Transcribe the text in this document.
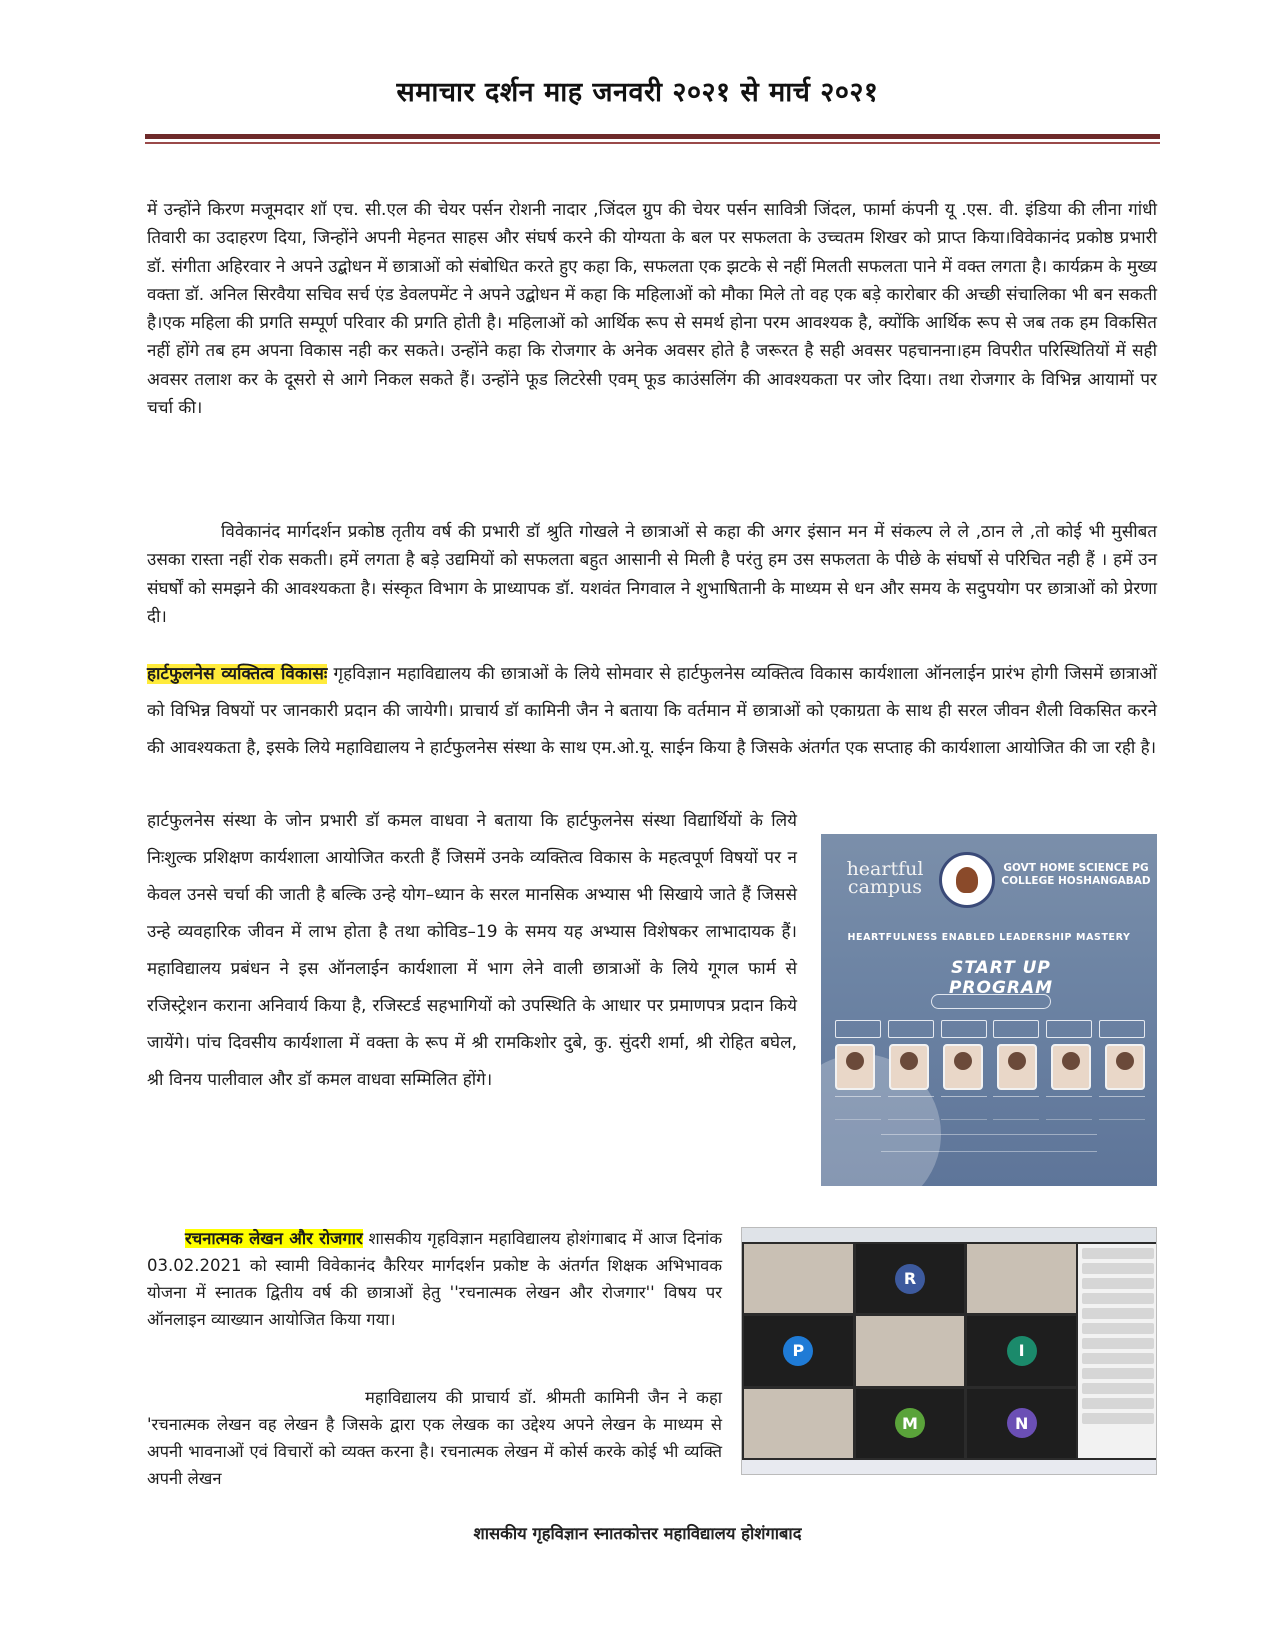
समाचार दर्शन माह जनवरी २०२१ से मार्च २०२१

में उन्होंने किरण मजूमदार शॉ एच. सी.एल की चेयर पर्सन रोशनी नादार ,जिंदल ग्रुप की चेयर पर्सन सावित्री जिंदल, फार्मा कंपनी यू .एस. वी. इंडिया की लीना गांधी तिवारी का उदाहरण दिया, जिन्होंने अपनी मेहनत साहस और संघर्ष करने की योग्यता के बल पर सफलता के उच्चतम शिखर को प्राप्त किया।विवेकानंद प्रकोष्ठ प्रभारी डॉ. संगीता अहिरवार ने अपने उद्बोधन में छात्राओं को संबोधित करते हुए कहा कि, सफलता एक झटके से नहीं मिलती सफलता पाने में वक्त लगता है। कार्यक्रम के मुख्य वक्ता डॉ. अनिल सिरवैया सचिव सर्च एंड डेवलपमेंट ने अपने उद्बोधन में कहा कि महिलाओं को मौका मिले तो वह एक बड़े कारोबार की अच्छी संचालिका भी बन सकती है।एक महिला की प्रगति सम्पूर्ण परिवार की प्रगति होती है। महिलाओं को आर्थिक रूप से समर्थ होना परम आवश्यक है, क्योंकि आर्थिक रूप से जब तक हम विकसित नहीं होंगे तब हम अपना विकास नही कर सकते। उन्होंने कहा कि रोजगार के अनेक अवसर होते है जरूरत है सही अवसर पहचानना।हम विपरीत परिस्थितियों में सही अवसर तलाश कर के दूसरो से आगे निकल सकते हैं। उन्होंने फूड लिटरेसी एवम् फूड काउंसलिंग की आवश्यकता पर जोर दिया। तथा रोजगार के विभिन्न आयामों पर चर्चा की।

विवेकानंद मार्गदर्शन प्रकोष्ठ तृतीय वर्ष की प्रभारी डॉ श्रुति गोखले ने छात्राओं से कहा की अगर इंसान मन में संकल्प ले ले ,ठान ले ,तो कोई भी मुसीबत उसका रास्ता नहीं रोक सकती। हमें लगता है बड़े उद्यमियों को सफलता बहुत आसानी से मिली है परंतु हम उस सफलता के पीछे के संघर्षो से परिचित नही हैं । हमें उन संघर्षों को समझने की आवश्यकता है। संस्कृत विभाग के प्राध्यापक डॉ. यशवंत निगवाल ने शुभाषितानी के माध्यम से धन और समय के सदुपयोग पर छात्राओं को प्रेरणा दी।

हार्टफुलनेस व्यक्तित्व विकासः गृहविज्ञान महाविद्यालय की छात्राओं के लिये सोमवार से हार्टफुलनेस व्यक्तित्व विकास कार्यशाला ऑनलाईन प्रारंभ होगी जिसमें छात्राओं को विभिन्न विषयों पर जानकारी प्रदान की जायेगी। प्राचार्य डॉ कामिनी जैन ने बताया कि वर्तमान में छात्राओं को एकाग्रता के साथ ही सरल जीवन शैली विकसित करने की आवश्यकता है, इसके लिये महाविद्यालय ने हार्टफुलनेस संस्था के साथ एम.ओ.यू. साईन किया है जिसके अंतर्गत एक सप्ताह की कार्यशाला आयोजित की जा रही है।

हार्टफुलनेस संस्था के जोन प्रभारी डॉ कमल वाधवा ने बताया कि हार्टफुलनेस संस्था विद्यार्थियों के लिये निःशुल्क प्रशिक्षण कार्यशाला आयोजित करती हैं जिसमें उनके व्यक्तित्व विकास के महत्वपूर्ण विषयों पर न केवल उनसे चर्चा की जाती है बल्कि उन्हे योग–ध्यान के सरल मानसिक अभ्यास भी सिखाये जाते हैं जिससे उन्हे व्यवहारिक जीवन में लाभ होता है तथा कोविड–19 के समय यह अभ्यास विशेषकर लाभादायक हैं। महाविद्यालय प्रबंधन ने इस ऑनलाईन कार्यशाला में भाग लेने वाली छात्राओं के लिये गूगल फार्म से रजिस्ट्रेशन कराना अनिवार्य किया है, रजिस्टर्ड सहभागियों को उपस्थिति के आधार पर प्रमाणपत्र प्रदान किये जायेंगे। पांच दिवसीय कार्यशाला में वक्ता के रूप में श्री रामकिशोर दुबे, कु. सुंदरी शर्मा, श्री रोहित बघेल, श्री विनय पालीवाल और डॉ कमल वाधवा सम्मिलित होंगे।

heartful campus
GOVT HOME SCIENCE PG COLLEGE HOSHANGABAD
HEARTFULNESS ENABLED LEADERSHIP MASTERY
START UP PROGRAM

रचनात्मक लेखन और रोजगार शासकीय गृहविज्ञान महाविद्यालय होशंगाबाद में आज दिनांक 03.02.2021 को स्वामी विवेकानंद कैरियर मार्गदर्शन प्रकोष्ट के अंतर्गत शिक्षक अभिभावक योजना में स्नातक द्वितीय वर्ष की छात्राओं हेतु ''रचनात्मक लेखन और रोजगार'' विषय पर ऑनलाइन व्याख्यान आयोजित किया गया।

महाविद्यालय की प्राचार्य डॉ. श्रीमती कामिनी जैन ने कहा 'रचनात्मक लेखन वह लेखन है जिसके द्वारा एक लेखक का उद्देश्य अपने लेखन के माध्यम से अपनी भावनाओं एवं विचारों को व्यक्त करना है। रचनात्मक लेखन में कोर्स करके कोई भी व्यक्ति अपनी लेखन

R
P	I
M	N
शासकीय गृहविज्ञान स्नातकोत्तर महाविद्यालय होशंगाबाद
